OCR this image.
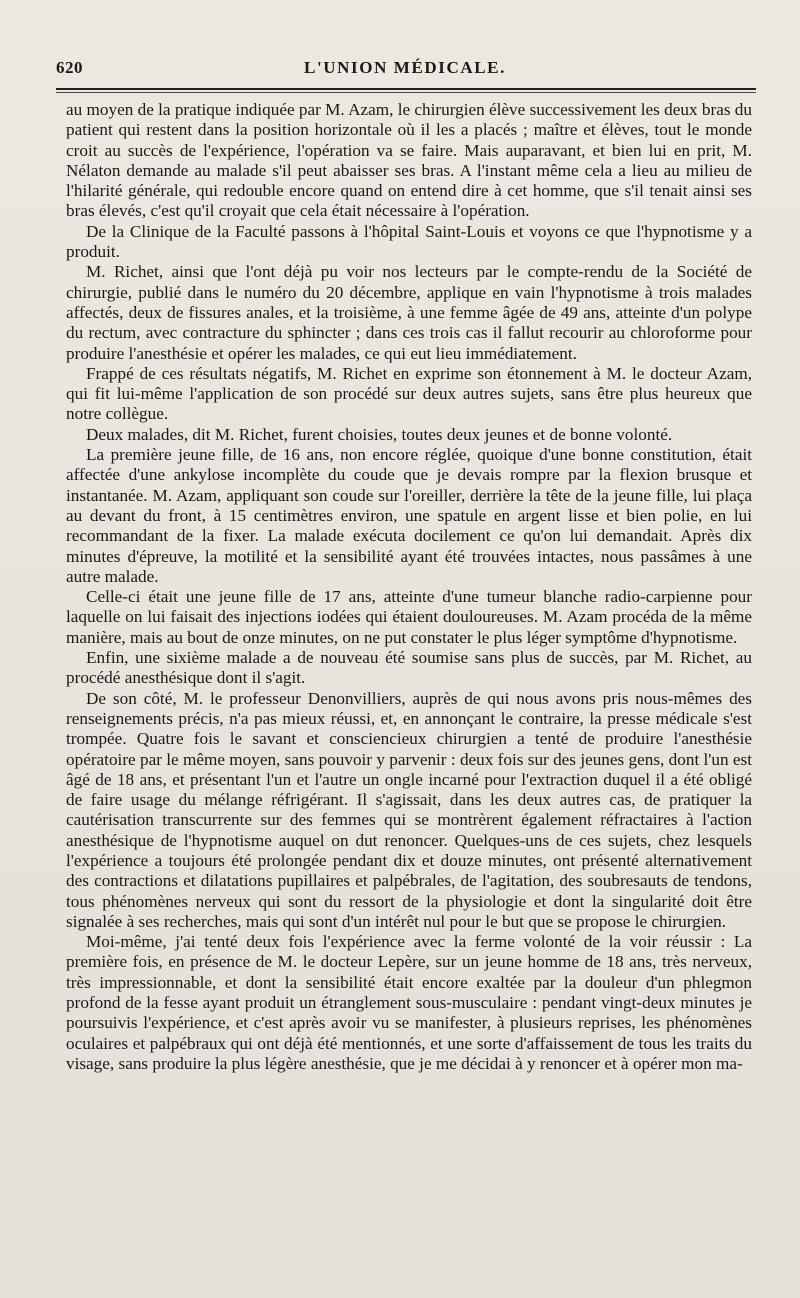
620	L'UNION MÉDICALE.

au moyen de la pratique indiquée par M. Azam, le chirurgien élève successivement les deux bras du patient qui restent dans la position horizontale où il les a placés ; maître et élèves, tout le monde croit au succès de l'expérience, l'opération va se faire. Mais auparavant, et bien lui en prit, M. Nélaton demande au malade s'il peut abaisser ses bras. A l'instant même cela a lieu au milieu de l'hilarité générale, qui redouble encore quand on entend dire à cet homme, que s'il tenait ainsi ses bras élevés, c'est qu'il croyait que cela était nécessaire à l'opération.

De la Clinique de la Faculté passons à l'hôpital Saint-Louis et voyons ce que l'hypnotisme y a produit.

M. Richet, ainsi que l'ont déjà pu voir nos lecteurs par le compte-rendu de la Société de chirurgie, publié dans le numéro du 20 décembre, applique en vain l'hypnotisme à trois malades affectés, deux de fissures anales, et la troisième, à une femme âgée de 49 ans, atteinte d'un polype du rectum, avec contracture du sphincter ; dans ces trois cas il fallut recourir au chloroforme pour produire l'anesthésie et opérer les malades, ce qui eut lieu immédiatement.

Frappé de ces résultats négatifs, M. Richet en exprime son étonnement à M. le docteur Azam, qui fit lui-même l'application de son procédé sur deux autres sujets, sans être plus heureux que notre collègue.

Deux malades, dit M. Richet, furent choisies, toutes deux jeunes et de bonne volonté.

La première jeune fille, de 16 ans, non encore réglée, quoique d'une bonne constitution, était affectée d'une ankylose incomplète du coude que je devais rompre par la flexion brusque et instantanée. M. Azam, appliquant son coude sur l'oreiller, derrière la tête de la jeune fille, lui plaça au devant du front, à 15 centimètres environ, une spatule en argent lisse et bien polie, en lui recommandant de la fixer. La malade exécuta docilement ce qu'on lui demandait. Après dix minutes d'épreuve, la motilité et la sensibilité ayant été trouvées intactes, nous passâmes à une autre malade.

Celle-ci était une jeune fille de 17 ans, atteinte d'une tumeur blanche radio-carpienne pour laquelle on lui faisait des injections iodées qui étaient douloureuses. M. Azam procéda de la même manière, mais au bout de onze minutes, on ne put constater le plus léger symptôme d'hypnotisme.

Enfin, une sixième malade a de nouveau été soumise sans plus de succès, par M. Richet, au procédé anesthésique dont il s'agit.

De son côté, M. le professeur Denonvilliers, auprès de qui nous avons pris nous-mêmes des renseignements précis, n'a pas mieux réussi, et, en annonçant le contraire, la presse médicale s'est trompée. Quatre fois le savant et consciencieux chirurgien a tenté de produire l'anesthésie opératoire par le même moyen, sans pouvoir y parvenir : deux fois sur des jeunes gens, dont l'un est âgé de 18 ans, et présentant l'un et l'autre un ongle incarné pour l'extraction duquel il a été obligé de faire usage du mélange réfrigérant. Il s'agissait, dans les deux autres cas, de pratiquer la cautérisation transcurrente sur des femmes qui se montrèrent également réfractaires à l'action anesthésique de l'hypnotisme auquel on dut renoncer. Quelques-uns de ces sujets, chez lesquels l'expérience a toujours été prolongée pendant dix et douze minutes, ont présenté alternativement des contractions et dilatations pupillaires et palpébrales, de l'agitation, des soubresauts de tendons, tous phénomènes nerveux qui sont du ressort de la physiologie et dont la singularité doit être signalée à ses recherches, mais qui sont d'un intérêt nul pour le but que se propose le chirurgien.

Moi-même, j'ai tenté deux fois l'expérience avec la ferme volonté de la voir réussir : La première fois, en présence de M. le docteur Lepère, sur un jeune homme de 18 ans, très nerveux, très impressionnable, et dont la sensibilité était encore exaltée par la douleur d'un phlegmon profond de la fesse ayant produit un étranglement sous-musculaire : pendant vingt-deux minutes je poursuivis l'expérience, et c'est après avoir vu se manifester, à plusieurs reprises, les phénomènes oculaires et palpébraux qui ont déjà été mentionnés, et une sorte d'affaissement de tous les traits du visage, sans produire la plus légère anesthésie, que je me décidai à y renoncer et à opérer mon ma-
